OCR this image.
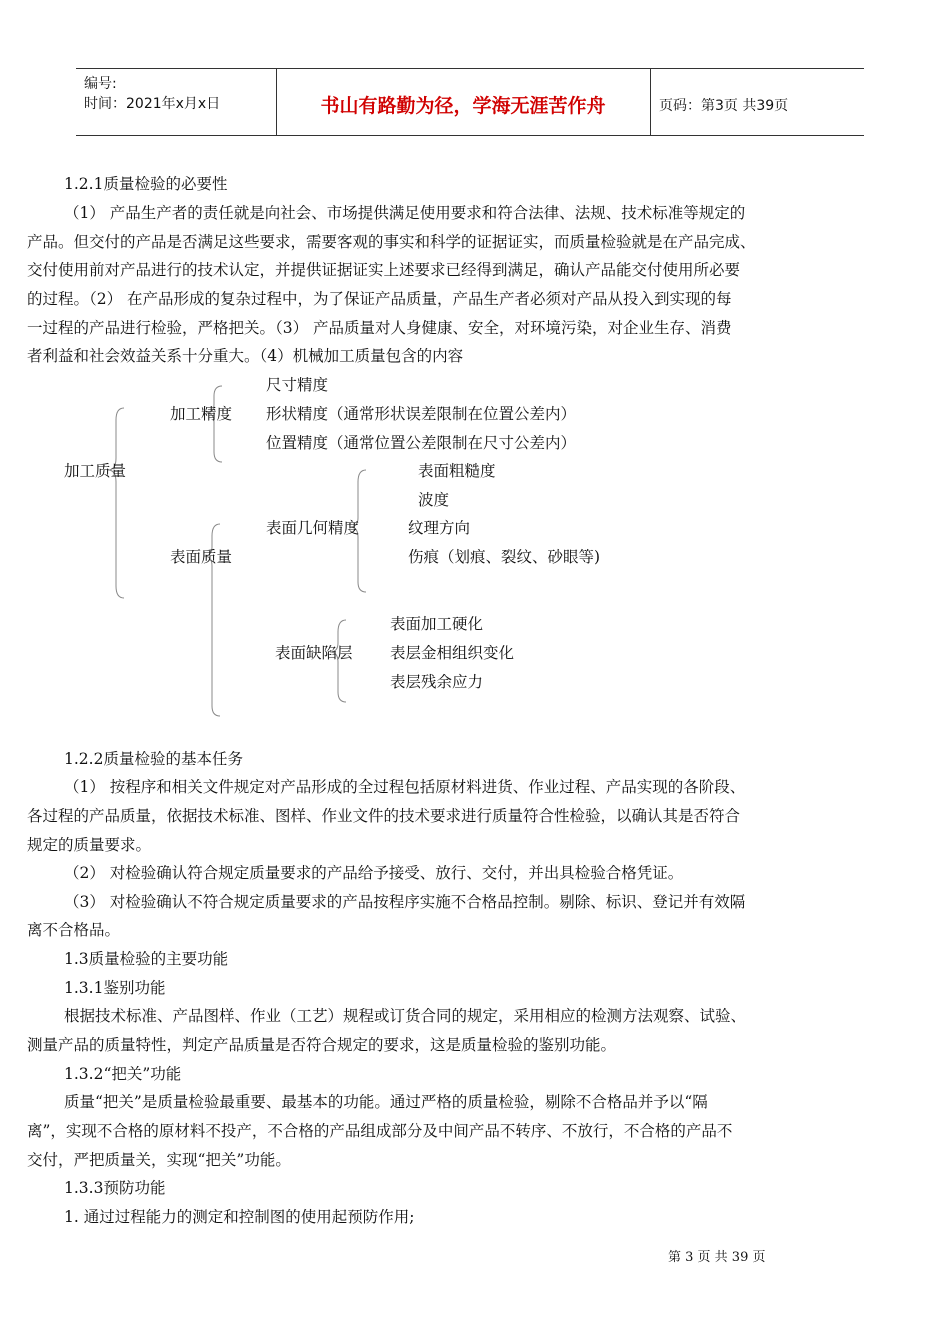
编号:
时间：2021年x月x日	书山有路勤为径，学海无涯苦作舟	页码：第3页 共39页
1.2.1质量检验的必要性
（1） 产品生产者的责任就是向社会、市场提供满足使用要求和符合法律、法规、技术标准等规定的
产品。但交付的产品是否满足这些要求，需要客观的事实和科学的证据证实，而质量检验就是在产品完成、
交付使用前对产品进行的技术认定，并提供证据证实上述要求已经得到满足，确认产品能交付使用所必要
的过程。（2） 在产品形成的复杂过程中，为了保证产品质量，产品生产者必须对产品从投入到实现的每
一过程的产品进行检验，严格把关。（3） 产品质量对人身健康、安全，对环境污染，对企业生存、消费
者利益和社会效益关系十分重大。（4）机械加工质量包含的内容
加工质量
加工精度
尺寸精度
形状精度（通常形状误差限制在位置公差内）
位置精度（通常位置公差限制在尺寸公差内）
表面质量
表面几何精度
表面粗糙度
波度
纹理方向
伤痕（划痕、裂纹、砂眼等)
表面缺陷层
表面加工硬化
表层金相组织变化
表层残余应力
1.2.2质量检验的基本任务
（1） 按程序和相关文件规定对产品形成的全过程包括原材料进货、作业过程、产品实现的各阶段、
各过程的产品质量，依据技术标准、图样、作业文件的技术要求进行质量符合性检验，以确认其是否符合
规定的质量要求。
（2） 对检验确认符合规定质量要求的产品给予接受、放行、交付，并出具检验合格凭证。
（3） 对检验确认不符合规定质量要求的产品按程序实施不合格品控制。剔除、标识、登记并有效隔
离不合格品。
1.3质量检验的主要功能
1.3.1鉴别功能
根据技术标准、产品图样、作业（工艺）规程或订货合同的规定，采用相应的检测方法观察、试验、
测量产品的质量特性，判定产品质量是否符合规定的要求，这是质量检验的鉴别功能。
1.3.2“把关”功能
质量“把关”是质量检验最重要、最基本的功能。通过严格的质量检验，剔除不合格品并予以“隔
离”，实现不合格的原材料不投产，不合格的产品组成部分及中间产品不转序、不放行，不合格的产品不
交付，严把质量关，实现“把关”功能。
1.3.3预防功能
1. 通过过程能力的测定和控制图的使用起预防作用;
第 3 页 共 39 页
